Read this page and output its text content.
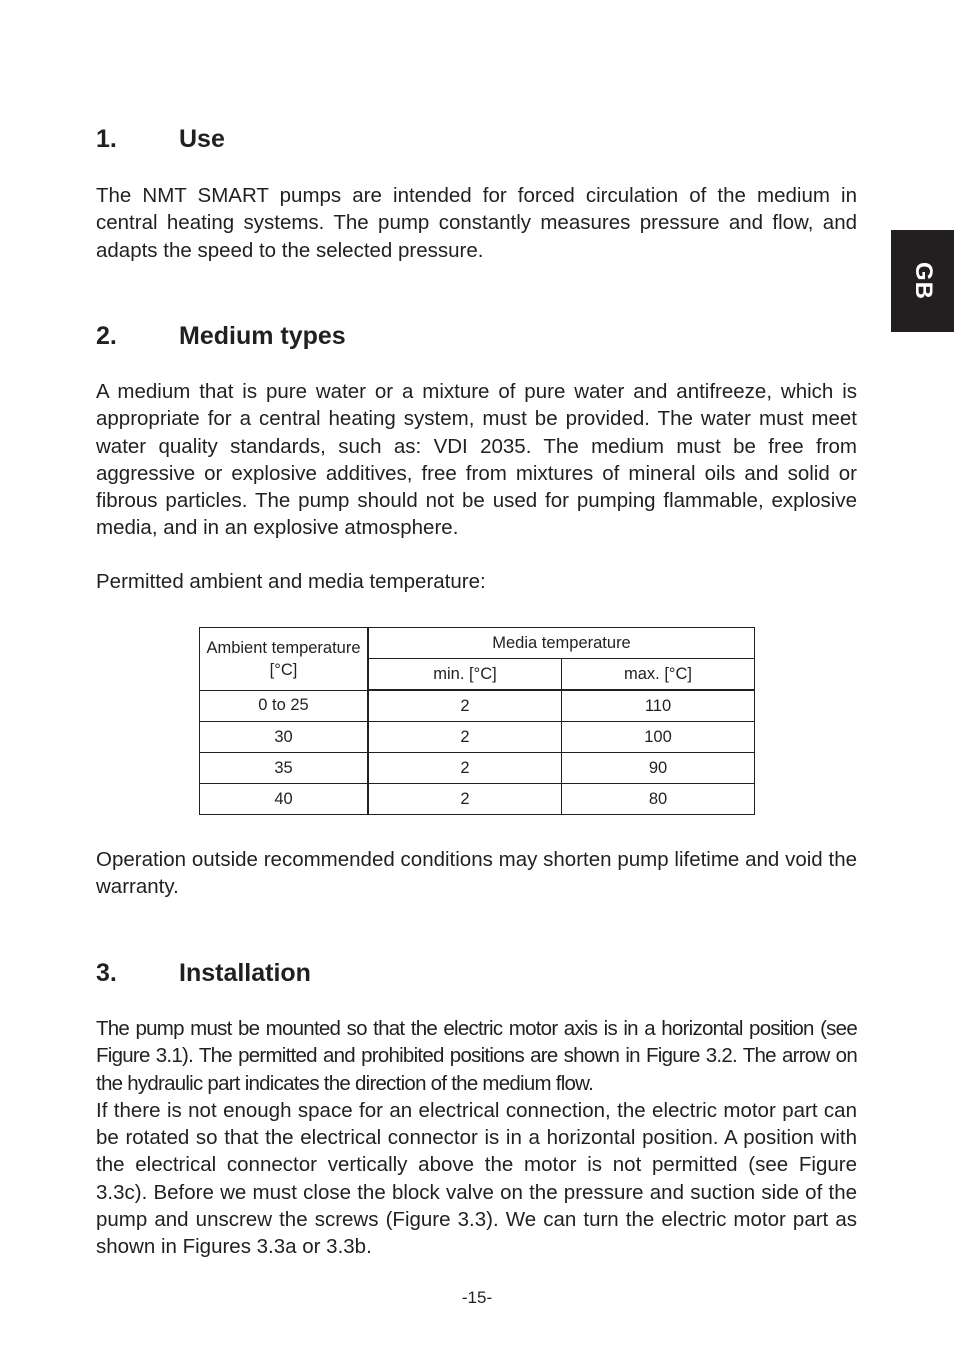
GB
1.	Use

The NMT SMART pumps are intended for forced circulation of the medium in central heating systems. The pump constantly measures pressure and flow, and adapts the speed to the selected pressure.

2.	Medium types

A medium that is pure water or a mixture of pure water and antifreeze, which is appropriate for a central heating system, must be provided. The water must meet water quality standards, such as: VDI 2035. The medium must be free from aggressive or explosive additives, free from mixtures of mineral oils and solid or fibrous particles. The pump should not be used for pumping flammable, explosive media, and in an explosive atmosphere.

Permitted ambient and media temperature:

Operation outside recommended conditions may shorten pump lifetime and void the warranty.

3.	Installation

The pump must be mounted so that the electric motor axis is in a horizontal position (see Figure 3.1). The permitted and prohibited positions are shown in Figure 3.2. The arrow on the hydraulic part indicates the direction of the medium flow.

If there is not enough space for an electrical connection, the electric motor part can be rotated so that the electrical connector is in a horizontal position. A position with the electrical connector vertically above the motor is not permitted (see Figure 3.3c). Before we must close the block valve on the pressure and suction side of the pump and unscrew the screws (Figure 3.3). We can turn the electric motor part as shown in Figures 3.3a or 3.3b.

Ambient temperature [°C]	Media temperature	
	min. [°C]	max. [°C]
0 to 25	2	110
30	2	100
35	2	90
40	2	80
-15-
